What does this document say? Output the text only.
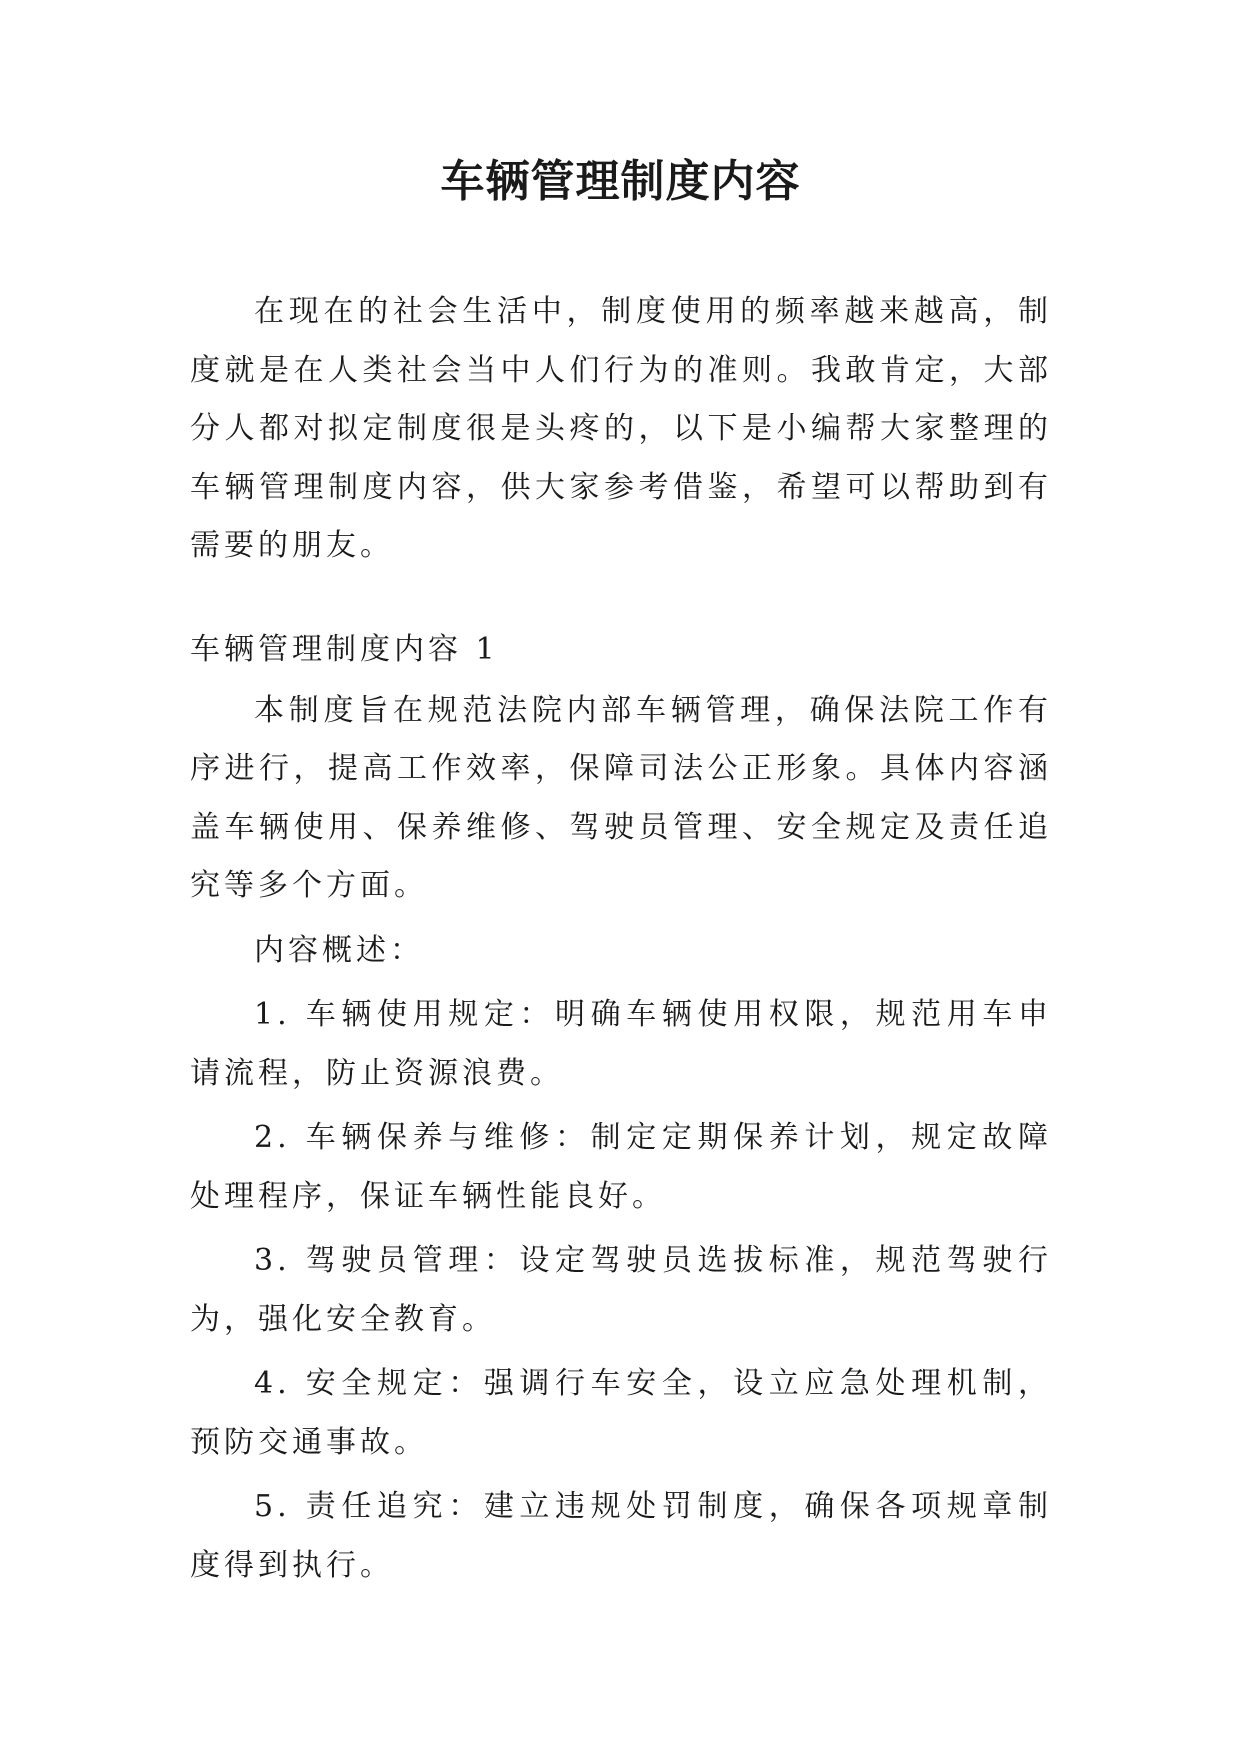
车辆管理制度内容

在现在的社会生活中，制度使用的频率越来越高，制度就是在人类社会当中人们行为的准则。我敢肯定，大部分人都对拟定制度很是头疼的，以下是小编帮大家整理的车辆管理制度内容，供大家参考借鉴，希望可以帮助到有需要的朋友。

车辆管理制度内容 1

本制度旨在规范法院内部车辆管理，确保法院工作有序进行，提高工作效率，保障司法公正形象。具体内容涵盖车辆使用、保养维修、驾驶员管理、安全规定及责任追究等多个方面。

内容概述：

1. 车辆使用规定：明确车辆使用权限，规范用车申请流程，防止资源浪费。

2. 车辆保养与维修：制定定期保养计划，规定故障处理程序，保证车辆性能良好。

3. 驾驶员管理：设定驾驶员选拔标准，规范驾驶行为，强化安全教育。

4. 安全规定：强调行车安全，设立应急处理机制，预防交通事故。

5. 责任追究：建立违规处罚制度，确保各项规章制度得到执行。
